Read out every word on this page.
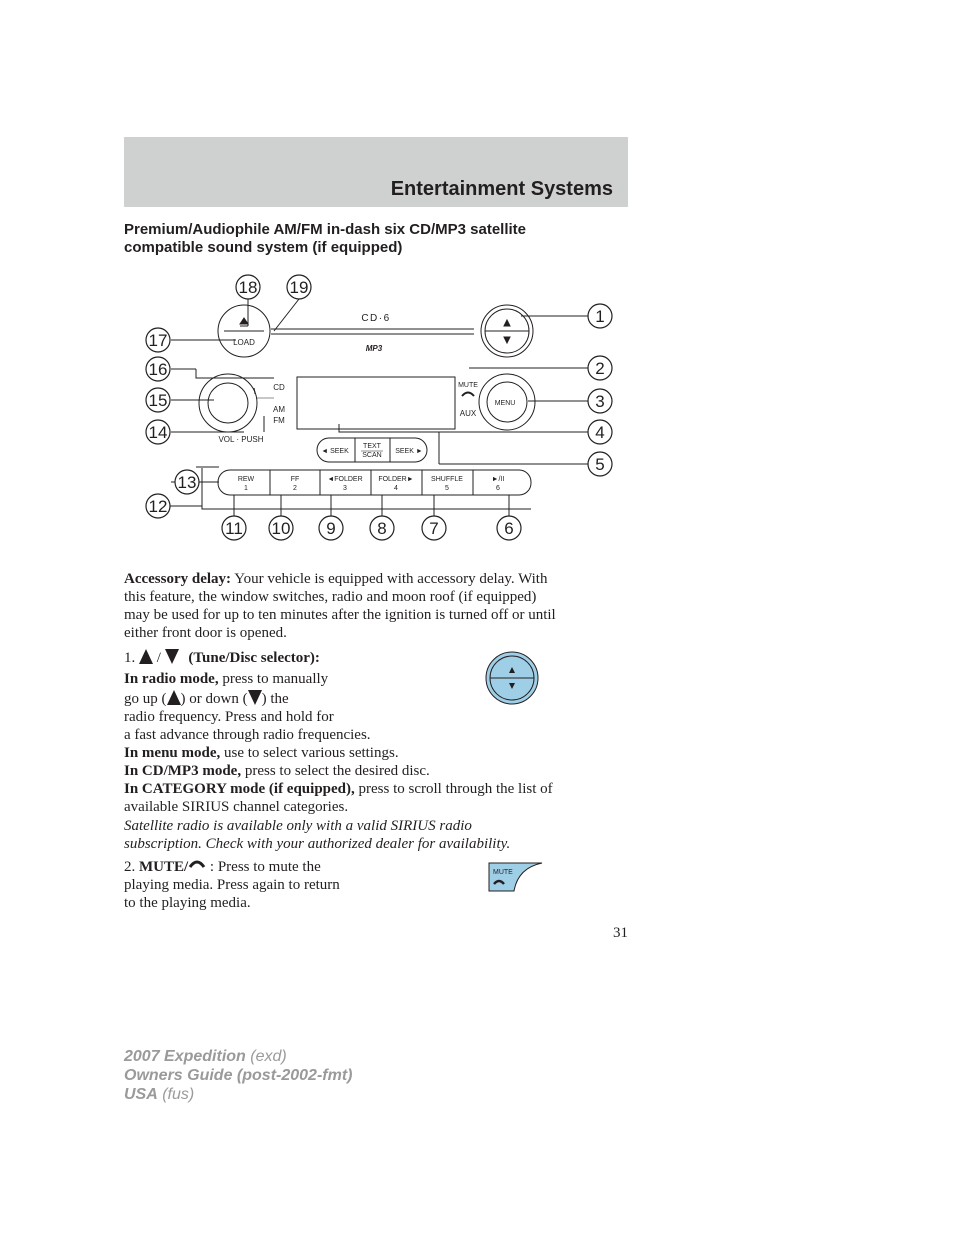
Entertainment Systems
Premium/Audiophile AM/FM in-dash six CD/MP3 satellite
compatible sound system (if equipped)
LOAD
CD·6
MP3
CD
AM
FM
VOL · PUSH
MENU
MUTE
AUX
◄ SEEK
TEXT
SCAN
SEEK ►
REW
1
FF
2
◄FOLDER
3
FOLDER►
4
SHUFFLE
5
►/II
6
18 19
1
17
16	2
15	3
14	4
5
13
12
11 10 9 8	7	6
Accessory delay: Your vehicle is equipped with accessory delay. With
this feature, the window switches, radio and moon roof (if equipped)
may be used for up to ten minutes after the ignition is turned off or until
either front door is opened.
1. / (Tune/Disc selector):
In radio mode, press to manually
go up ( ) or down ( ) the
radio frequency. Press and hold for
a fast advance through radio frequencies.
In menu mode, use to select various settings.
In CD/MP3 mode, press to select the desired disc.
In CATEGORY mode (if equipped), press to scroll through the list of
available SIRIUS channel categories.
Satellite radio is available only with a valid SIRIUS radio
subscription. Check with your authorized dealer for availability.
2. MUTE/ : Press to mute the
playing media. Press again to return
to the playing media.
MUTE
31
2007 Expedition (exd)
Owners Guide (post-2002-fmt)
USA (fus)
